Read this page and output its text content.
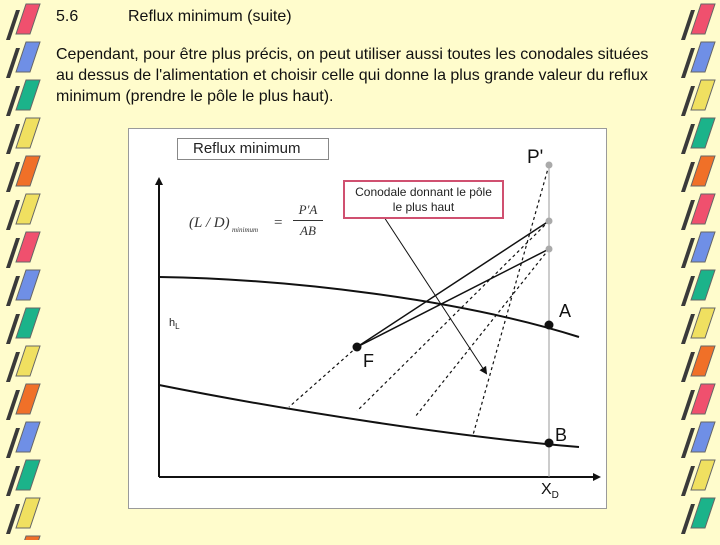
5.6	Reflux minimum (suite)

Cependant, pour être plus précis, on peut utiliser aussi toutes les conodales situées au dessus de l'alimentation et choisir celle qui donne la plus grande valeur du reflux minimum (prendre le pôle le plus haut).

Reflux minimum
Conodale donnant le pôle
le plus haut
(L / D) minimum =
P'A
AB
$h_L$
P'
A
F
B
$X_D$
